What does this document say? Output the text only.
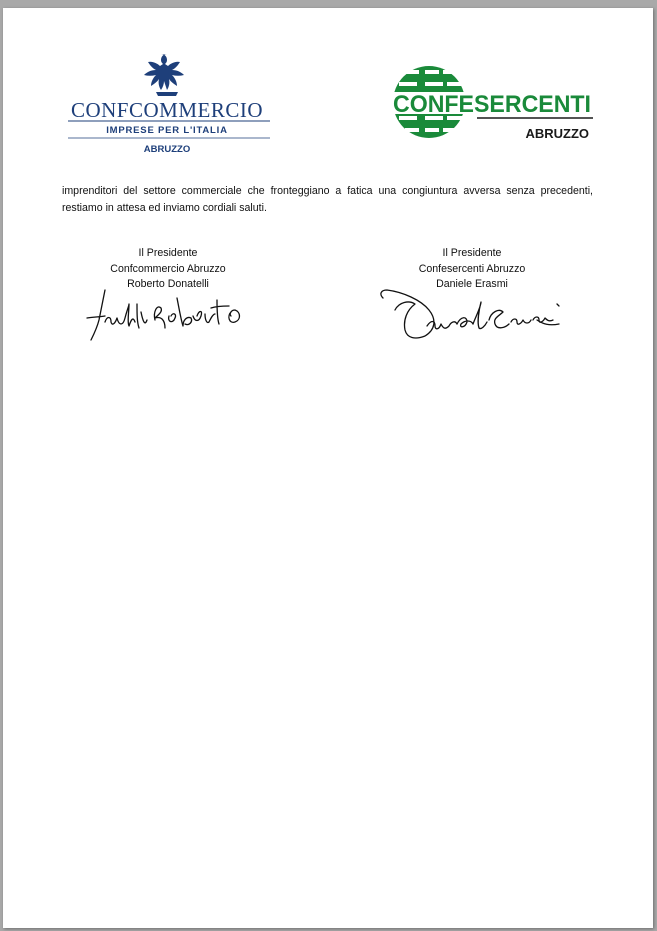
CONFCOMMERCIO
IMPRESE PER L'ITALIA
ABRUZZO
CONFESERCENTI
ABRUZZO

imprenditori del settore commerciale che fronteggiano a fatica una congiuntura avversa senza precedenti, restiamo in attesa ed inviamo cordiali saluti.

Il Presidente
Confcommercio Abruzzo
Roberto Donatelli
Il Presidente
Confesercenti Abruzzo
Daniele Erasmi
